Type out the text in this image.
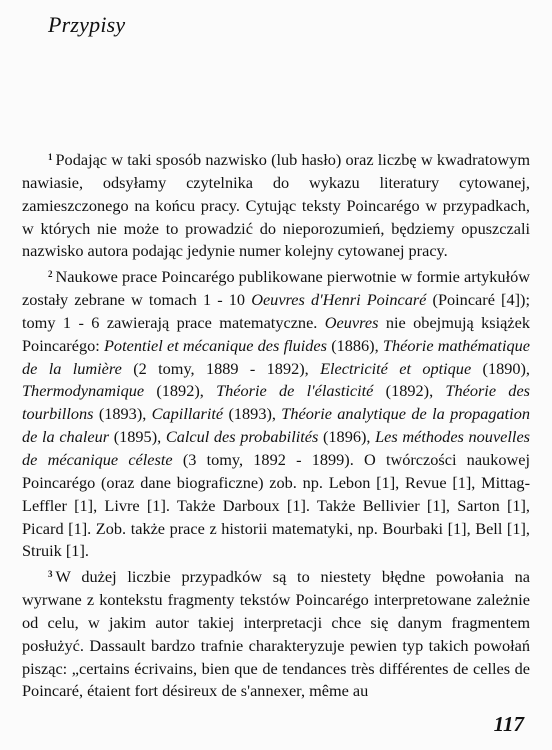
Przypisy

$^1$ Podając w taki sposób nazwisko (lub hasło) oraz liczbę w kwadratowym nawiasie, odsyłamy czytelnika do wykazu literatury cytowanej, zamieszczonego na końcu pracy. Cytując teksty Poincarégo w przypadkach, w których nie może to prowadzić do nieporozumień, będziemy opuszczali nazwisko autora podając jedynie numer kolejny cytowanej pracy.

$^2$ Naukowe prace Poincarégo publikowane pierwotnie w formie artykułów zostały zebrane w tomach 1 - 10 Oeuvres d'Henri Poincaré (Poincaré [4]); tomy 1 - 6 zawierają prace matematyczne. Oeuvres nie obejmują książek Poincarégo: Potentiel et mécanique des fluides (1886), Théorie mathématique de la lumière (2 tomy, 1889 - 1892), Electricité et optique (1890), Thermodynamique (1892), Théorie de l'élasticité (1892), Théorie des tourbillons (1893), Capillarité (1893), Théorie analytique de la propagation de la chaleur (1895), Calcul des probabilités (1896), Les méthodes nouvelles de mécanique céleste (3 tomy, 1892 - 1899). O twórczości naukowej Poincarégo (oraz dane biograficzne) zob. np. Lebon [1], Revue [1], Mittag-Leffler [1], Livre [1]. Także Darboux [1]. Także Bellivier [1], Sarton [1], Picard [1]. Zob. także prace z historii matematyki, np. Bourbaki [1], Bell [1], Struik [1].

$^3$ W dużej liczbie przypadków są to niestety błędne powołania na wyrwane z kontekstu fragmenty tekstów Poincarégo interpretowane zależnie od celu, w jakim autor takiej interpretacji chce się danym fragmentem posłużyć. Dassault bardzo trafnie charakteryzuje pewien typ takich powołań pisząc: „certains écrivains, bien que de tendances très différentes de celles de Poincaré, étaient fort désireux de s'annexer, même au

117
